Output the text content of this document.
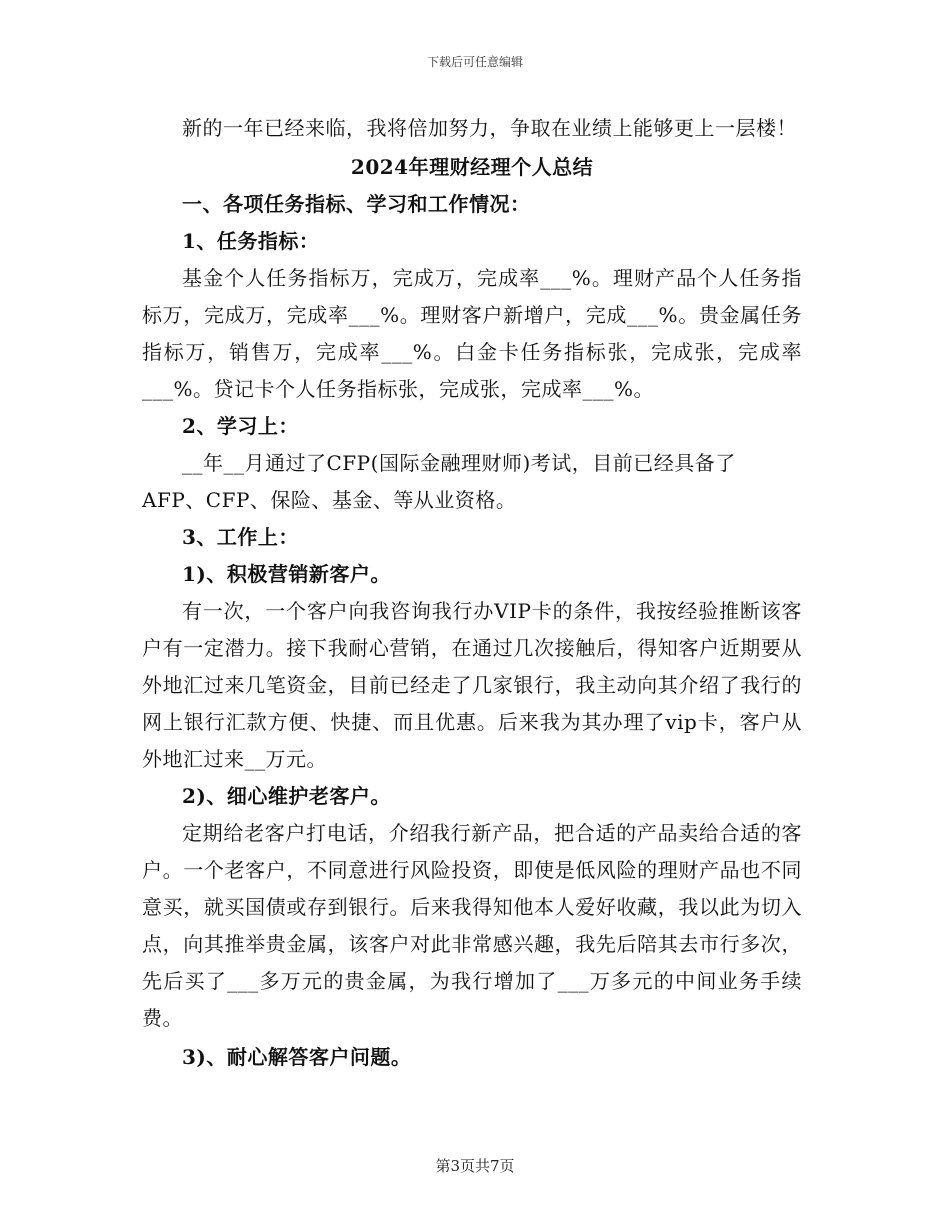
下载后可任意编辑

新的一年已经来临，我将倍加努力，争取在业绩上能够更上一层楼！

2024年理财经理个人总结

一、各项任务指标、学习和工作情况：

1、任务指标：

基金个人任务指标万，完成万，完成率___%。理财产品个人任务指标万，完成万，完成率___%。理财客户新增户，完成___%。贵金属任务指标万，销售万，完成率___%。白金卡任务指标张，完成张，完成率___%。贷记卡个人任务指标张，完成张，完成率___%。

2、学习上：

__年__月通过了CFP(国际金融理财师)考试，目前已经具备了

AFP、CFP、保险、基金、等从业资格。

3、工作上：

1)、积极营销新客户。

有一次，一个客户向我咨询我行办VIP卡的条件，我按经验推断该客户有一定潜力。接下我耐心营销，在通过几次接触后，得知客户近期要从外地汇过来几笔资金，目前已经走了几家银行，我主动向其介绍了我行的网上银行汇款方便、快捷、而且优惠。后来我为其办理了vip卡，客户从外地汇过来__万元。

2)、细心维护老客户。

定期给老客户打电话，介绍我行新产品，把合适的产品卖给合适的客户。一个老客户，不同意进行风险投资，即使是低风险的理财产品也不同意买，就买国债或存到银行。后来我得知他本人爱好收藏，我以此为切入点，向其推举贵金属，该客户对此非常感兴趣，我先后陪其去市行多次，先后买了___多万元的贵金属，为我行增加了___万多元的中间业务手续费。

3)、耐心解答客户问题。

第3页共7页
